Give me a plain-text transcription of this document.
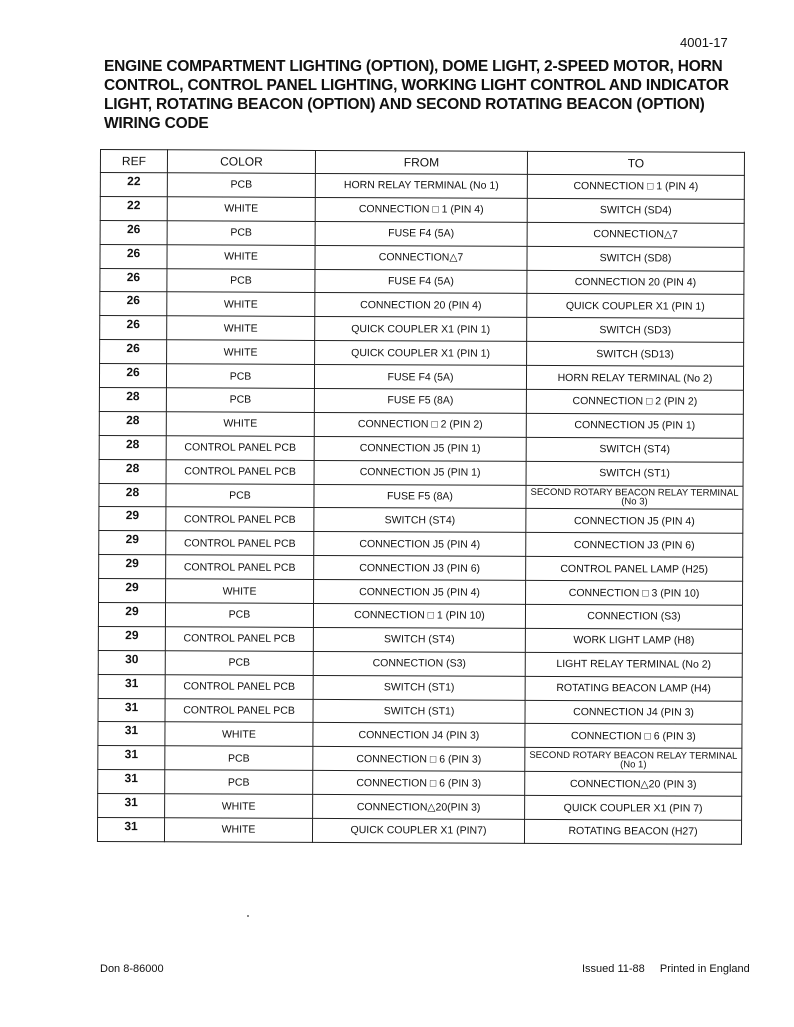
4001-17
ENGINE COMPARTMENT LIGHTING (OPTION), DOME LIGHT, 2-SPEED MOTOR, HORN CONTROL, CONTROL PANEL LIGHTING, WORKING LIGHT CONTROL AND INDICATOR LIGHT, ROTATING BEACON (OPTION) AND SECOND ROTATING BEACON (OPTION) WIRING CODE
REF	COLOR	FROM	TO
22	PCB	HORN RELAY TERMINAL (No 1)	CONNECTION □ 1 (PIN 4)
22	WHITE	CONNECTION □ 1 (PIN 4)	SWITCH (SD4)
26	PCB	FUSE F4 (5A)	CONNECTION△7
26	WHITE	CONNECTION△7	SWITCH (SD8)
26	PCB	FUSE F4 (5A)	CONNECTION 20 (PIN 4)
26	WHITE	CONNECTION 20 (PIN 4)	QUICK COUPLER X1 (PIN 1)
26	WHITE	QUICK COUPLER X1 (PIN 1)	SWITCH (SD3)
26	WHITE	QUICK COUPLER X1 (PIN 1)	SWITCH (SD13)
26	PCB	FUSE F4 (5A)	HORN RELAY TERMINAL (No 2)
28	PCB	FUSE F5 (8A)	CONNECTION □ 2 (PIN 2)
28	WHITE	CONNECTION □ 2 (PIN 2)	CONNECTION J5 (PIN 1)
28	CONTROL PANEL PCB	CONNECTION J5 (PIN 1)	SWITCH (ST4)
28	CONTROL PANEL PCB	CONNECTION J5 (PIN 1)	SWITCH (ST1)
28	PCB	FUSE F5 (8A)	SECOND ROTARY BEACON RELAY TERMINAL (No 3)
29	CONTROL PANEL PCB	SWITCH (ST4)	CONNECTION J5 (PIN 4)
29	CONTROL PANEL PCB	CONNECTION J5 (PIN 4)	CONNECTION J3 (PIN 6)
29	CONTROL PANEL PCB	CONNECTION J3 (PIN 6)	CONTROL PANEL LAMP (H25)
29	WHITE	CONNECTION J5 (PIN 4)	CONNECTION □ 3 (PIN 10)
29	PCB	CONNECTION □ 1 (PIN 10)	CONNECTION (S3)
29	CONTROL PANEL PCB	SWITCH (ST4)	WORK LIGHT LAMP (H8)
30	PCB	CONNECTION (S3)	LIGHT RELAY TERMINAL (No 2)
31	CONTROL PANEL PCB	SWITCH (ST1)	ROTATING BEACON LAMP (H4)
31	CONTROL PANEL PCB	SWITCH (ST1)	CONNECTION J4 (PIN 3)
31	WHITE	CONNECTION J4 (PIN 3)	CONNECTION □ 6 (PIN 3)
31	PCB	CONNECTION □ 6 (PIN 3)	SECOND ROTARY BEACON RELAY TERMINAL (No 1)
31	PCB	CONNECTION □ 6 (PIN 3)	CONNECTION△20 (PIN 3)
31	WHITE	CONNECTION△20(PIN 3)	QUICK COUPLER X1 (PIN 7)
31	WHITE	QUICK COUPLER X1 (PIN7)	ROTATING BEACON (H27)
Don 8-86000	Issued 11-88 Printed in England
